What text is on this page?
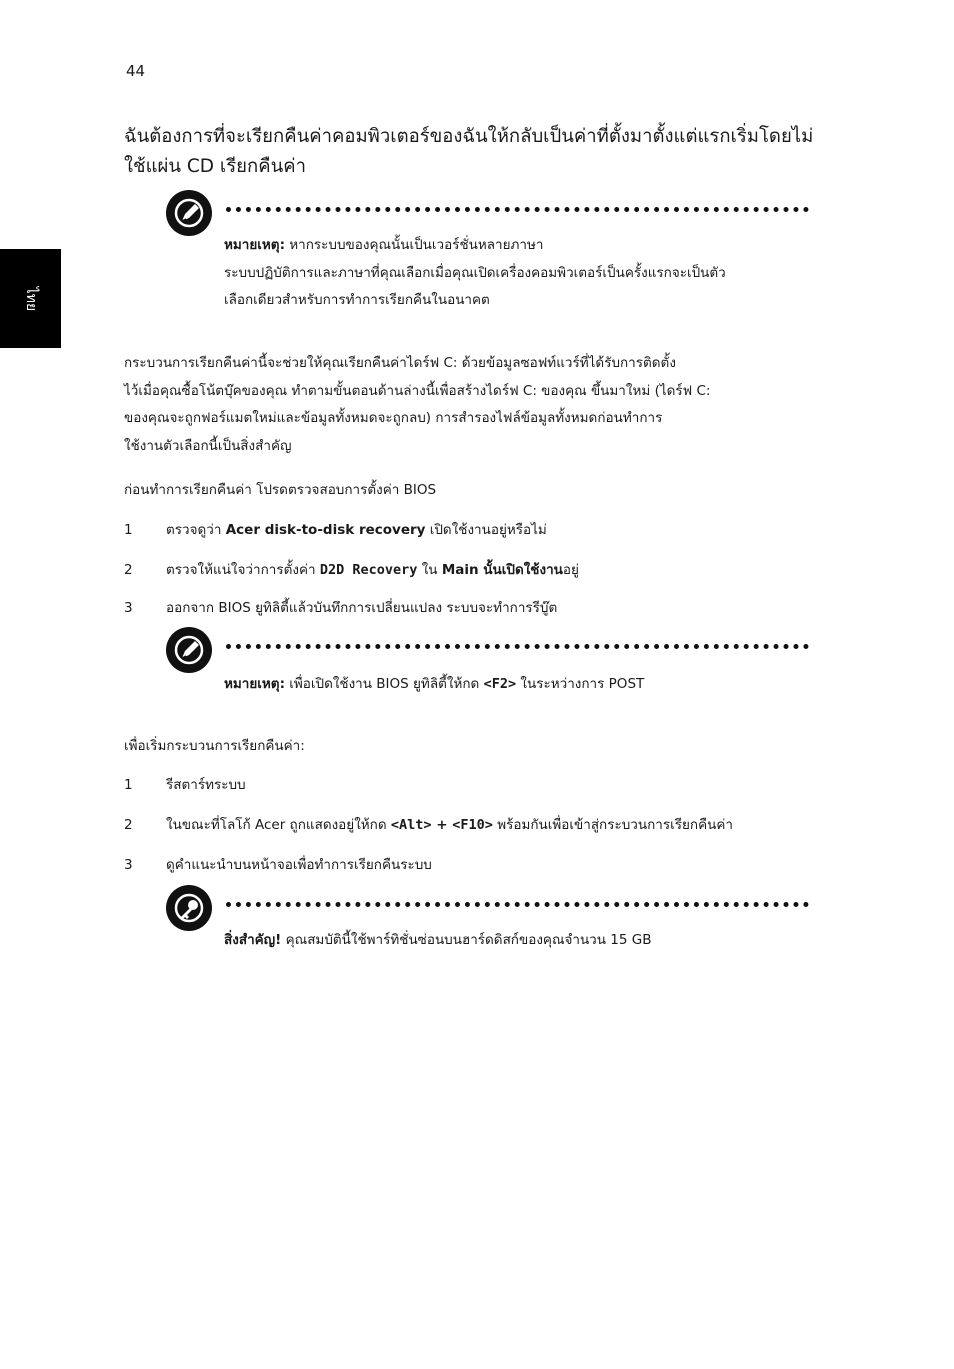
44
ไทย
ฉันต้องการที่จะเรียกคืนค่าคอมพิวเตอร์ของฉันให้กลับเป็นค่าที่ตั้งมาตั้งแต่แรกเริ่มโดยไม่ใช้แผ่น CD เรียกคืนค่า
หมายเหตุ: หากระบบของคุณนั้นเป็นเวอร์ชั่นหลายภาษา
ระบบปฏิบัติการและภาษาที่คุณเลือกเมื่อคุณเปิดเครื่องคอมพิวเตอร์เป็นครั้งแรกจะเป็นตัว
เลือกเดียวสำหรับการทำการเรียกคืนในอนาคต
กระบวนการเรียกคืนค่านี้จะช่วยให้คุณเรียกคืนค่าไดร์ฟ C: ด้วยข้อมูลซอฟท์แวร์ที่ได้รับการติดตั้ง
ไว้เมื่อคุณซื้อโน้ตบุ๊คของคุณ ทำตามขั้นตอนด้านล่างนี้เพื่อสร้างไดร์ฟ C: ของคุณ ขึ้นมาใหม่ (ไดร์ฟ C:
ของคุณจะถูกฟอร์แมตใหม่และข้อมูลทั้งหมดจะถูกลบ) การสำรองไฟล์ข้อมูลทั้งหมดก่อนทำการ
ใช้งานตัวเลือกนี้เป็นสิ่งสำคัญ
ก่อนทำการเรียกคืนค่า โปรดตรวจสอบการตั้งค่า BIOS
1 ตรวจดูว่า Acer disk-to-disk recovery เปิดใช้งานอยู่หรือไม่
2 ตรวจให้แน่ใจว่าการตั้งค่า D2D Recovery ใน Main นั้นเปิดใช้งานอยู่
3 ออกจาก BIOS ยูทิลิตี้แล้วบันทึกการเปลี่ยนแปลง ระบบจะทำการรีบู๊ต
หมายเหตุ: เพื่อเปิดใช้งาน BIOS ยูทิลิตี้ให้กด <F2> ในระหว่างการ POST
เพื่อเริ่มกระบวนการเรียกคืนค่า:
1 รีสตาร์ทระบบ
2 ในขณะที่โลโก้ Acer ถูกแสดงอยู่ให้กด <Alt> + <F10> พร้อมกันเพื่อเข้าสู่กระบวนการเรียกคืนค่า
3 ดูคำแนะนำบนหน้าจอเพื่อทำการเรียกคืนระบบ
สิ่งสำคัญ! คุณสมบัตินี้ใช้พาร์ทิชั่นซ่อนบนฮาร์ดดิสก์ของคุณจำนวน 15 GB
